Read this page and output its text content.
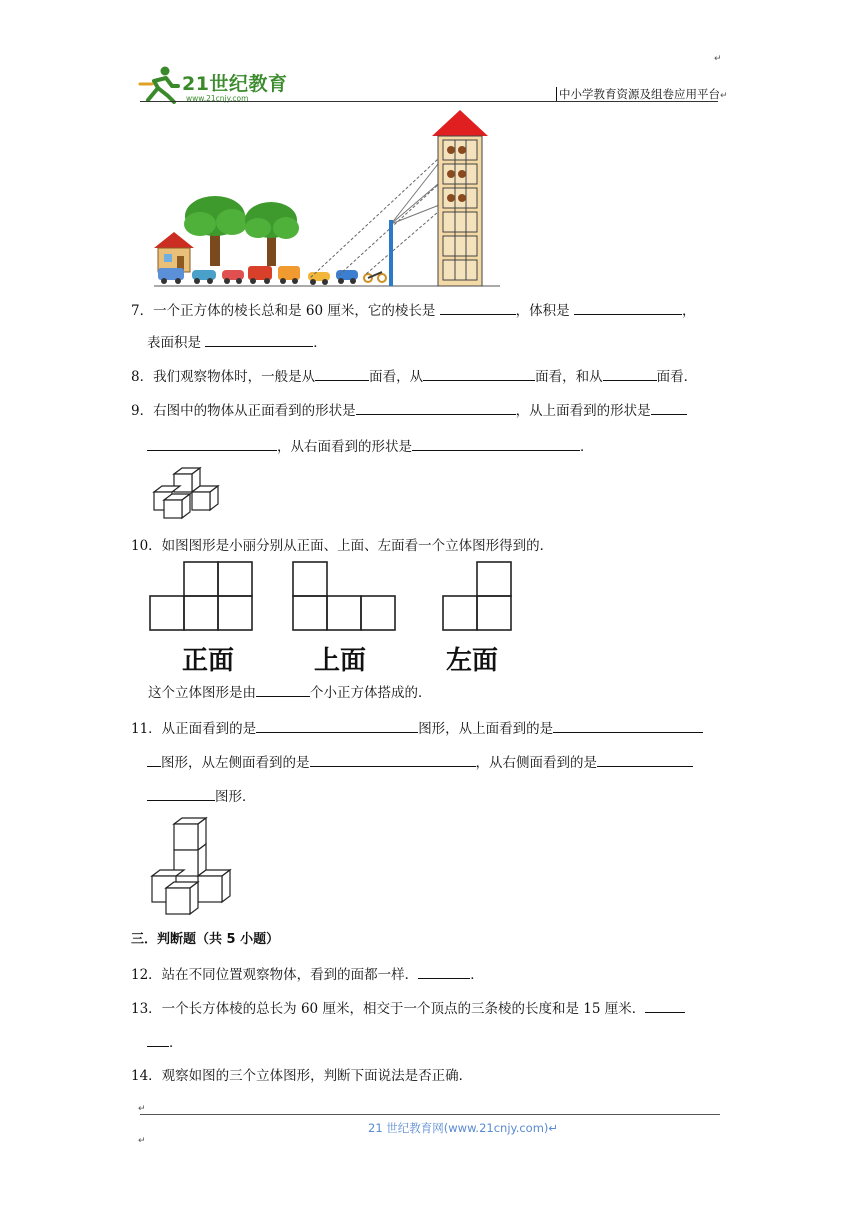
21世纪教育
www.21cnjy.com
↵
中小学教育资源及组卷应用平台↵
7．一个正方体的棱长总和是 60 厘米，它的棱长是	，体积是	，
表面积是	．
8．我们观察物体时，一般是从	面看，从	面看，和从	面看．
9．右图中的物体从正面看到的形状是	，从上面看到的形状是
，从右面看到的形状是	．
10．如图图形是小丽分别从正面、上面、左面看一个立体图形得到的．
正面	上面	左面
这个立体图形是由	个小正方体搭成的．
11．从正面看到的是	图形，从上面看到的是
图形，从左侧面看到的是	，从右侧面看到的是
图形．
三．判断题（共 5 小题）
12．站在不同位置观察物体，看到的面都一样．	．
13．一个长方体棱的总长为 60 厘米，相交于一个顶点的三条棱的长度和是 15 厘米．
．
14．观察如图的三个立体图形，判断下面说法是否正确．
↵
21 世纪教育网(www.21cnjy.com)↵
↵
